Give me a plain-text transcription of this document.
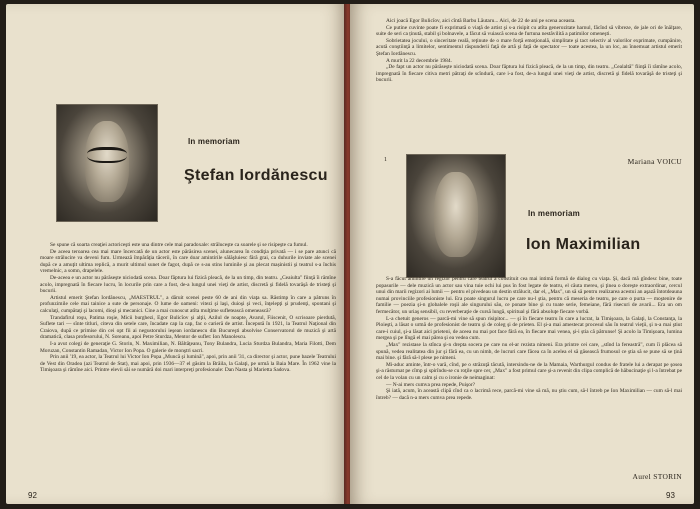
In memoriam
Ştefan Iordănescu

Se spune că soarta creaţiei actoriceşti este una dintre cele mai paradoxale: străluceşte ca soarele şi se risipeşte ca fumul.

De aceea teroarea cea mai mare încercată de un actor este părăsirea scenei, alunecarea în condiţia privată — i se pare atunci că moare strălucire va deveni fum. Urmează împărăţia tăcerii, în care doar amintirile sălăşluiesc fără grai, ca duhurile inviate ale scenei după ce a amuţit ultima replică, a murit ultimul sunet de fagot, după ce s-au stins luminile şi au plecat mașinistii şi teatrul s-a închis vremelnic, a somn, drapelele.

De-aceea e un actor nu părăseşte niciodată scena. Doar făptura lui fizică pleacă, de la un timp, din teatru. „Ceaiulta" fiinţă îi rămîne acolo, impregnată în fiecare lucru, în locurile prin care a fost, de-a lungul unei vieţi de artist, discretă şi fidelă tovarăşă de tristeţi şi bucurii.

Artistul emerit Ştefan Iordănescu, „MAESTRUL", a dăruit scenei peste 60 de ani din viaţa sa. Răstimp în care a pătruns în profunzimile cele mai tainice a sute de personaje. O lume de oameni: vitezi şi laşi, duioşi şi veci, înţelepţi şi prudenţi, spontani şi calculaţi, cumpătaţi şi lacomi, dioşi şi mecanici. Cine a mai cunoscut atîta mulţime sufletească omenească?

Trandafirul roşu, Patima roşie, Micii burghezi, Egor Bulicîov şi alţii, Azilul de noapte, Avarul, Fiiscenit, O scrisoare pierdută, Suflete tari — sînte titluri, citeva din setele care, încadate cap la cap, fac o carieră de artist. Începută în 1921, la Teatrul Naţional din Craiova, după ce primise din cei opt fii ai negustorului ieşean iordanescu din Bucureşti absolvise Conservatorul de muzică şi artă dramatică, clasa profesorului, N. Soreanu, apoi Petre Sturdza, Mentor de suflet: Ion Manolescu.

I-a avut colegi de generaţie G. Storin, N. Maximilian, N. Băltăţeanu, Tony Bulandra, Lucia Sturdza Bulandra, Maria Filotti, Dem Moruzan, Constantin Ramadan, Victor Ion Popa. O galerie de monştri sacri.

Prin anii '19, ea actor, la Teatrul lui Victor Ion Popa „Muncă şi lumină", apoi, prin anii '31, ca director şi actor, pune bazele Teatrului de Vest din Oradea (azi Teatrul de Stat), mai apoi, prin 1936—37 el găsim la Brăila, la Galaţi, pe urmă la Baia Mare. În 1962 vine la Timişoara şi rămîne aici. Printre elevii săi se numără doi mari interpreţi profesionale: Dan Nasta şi Marietta Sadova.

92

Aici joacă Egor Bulicîov, aici cîntă Barbu Lăutaru... Aici, de 22 de ani pe scena aceasta.

Ce putine cuvinte poate fi exprimată o viaţă de artist şi s-a risipit cu atîta generozitate harnul, făcînd să vibreze, de jale ori de înălţare, suite de seri ca ținută, stabil şi bolnavele, a făcut să vuiască scena de furtuna nestăvilită a patimilor omeneşti.

Sobrietatea jocului, o sinceritate reală, reţinute de o mare forţă emoţională, simplitate şi tact selectiv al valorilor exprimate, cumpănire, acută conştiinţă a limitelor, sentimentul răspunderii faţă de artă şi faţă de spectator — toate acestea, la un loc, au înnemuat artistul emerit Ştefan Iordănescu.

A murit la 22 decembrie 1984.

„De fapt un actor nu părăseşte niciodată scena. Doar făptura lui fizică pleacă, de la un timp, din teatru. „Cealaltă" fiinţă îi rămîne acolo, impregnată în fiecare citiva metri pătraţi de scîndură, care i-a fost, de-a lungul unei vieţi de artist, discretă şi fidelă tovarăşă de tristeţi şi bucurii.

1	Mariana VOICU
In memoriam
Ion Maximilian

S-a făcut amintire un regizor pentru care teatrul a constituit cea mai intimă formă de dialog cu viaţa. Şi, dacă mă gîndesc bine, toate popasurile — dele muzică un actor sau vina tuie ochi lui pus în fost legate de teatru, el căuta mereu, şi ţinea o doreşte extraordinar, cercul unui din marii regizori ai lumii — pentru el pivedeau un destin strălucit, dar el, „Max", un să să pentru realizarea acestui an aşază întotdeauna numai provinciile profesioniste lui. Era poate singurul lucru pe care nu-l ştia, pentru că meseria de teatru, pe care o purta — moştenire de familie — poezia şi-n globalele roşii ale singurului său, ce ponate bine şi cu toate serie, femeiane, fără risecuri de avarii... Era un om fermecător, un uriaş sensibil, cu reverberaţie de cursă lungă, spiritual şi fără absoluţe fiecare vorbă.

L-a chetuit generos — parcă-mi vine să spun risipitor... — şi în fiecare teatru în care a lucrat, la Timişoara, la Galaţi, la Constanţa, la Ploieşti, a lăsat o urmă de profesionist de teatru şi de coleg şi de prieten. El şi-a mai amestecat procesul său în teatrul vieţii, şi n-a mai ştiut care-i cuiul, şi-a lăsat aici prieteni, de aceea nu mai pot face fără ea, în fiecare mai venea, şi-i știa că pătrunse! Şi acolo la Timişoara, lumina mergea şi pe lîngă el mai părea şi ea vedea cum.

„Max" rezistase la stînca şi-n drepta socera pe care nu el-ar rezista nimeni. Era printre cei care, „stînd la fereastră", cum îi plăcea să spună, vedea realitatea din jur şi fără ea, cu un nimb, de lucruri care făcea ca în acelea el să găsească frumosul ce ştia să se pune să se ţină mai bine. şi fără să-l plese pe nimeni.

Mi-aduc aminte, într-o vară, cînd, pe o străzuţă tăcută, intersindu-ne de la Mamaia, Warthurgul condus de fratele lui a derapat pe şosea şi-a răsturnat pe cîmp şi spirîndu-se cu roţile spre cer, „Max" a fost primul care şi-a revenit din clipa complică de hăbucinaţie şi l-a întrebat pe cel de la volan cu un calm şi cu o ironie de neimaginat:

— N-ai mers cumva prea repede, Puişor?

Şi iată, acum, în această clipă cînd ca o lacrimă rece, parcă-mi vine să mă, nu ştiu cum, să-l întreb pe Ion Maximilian — cum să-l mai întreb? — dacă n-a mers cumva prea repede.

Aurel STORIN
93
